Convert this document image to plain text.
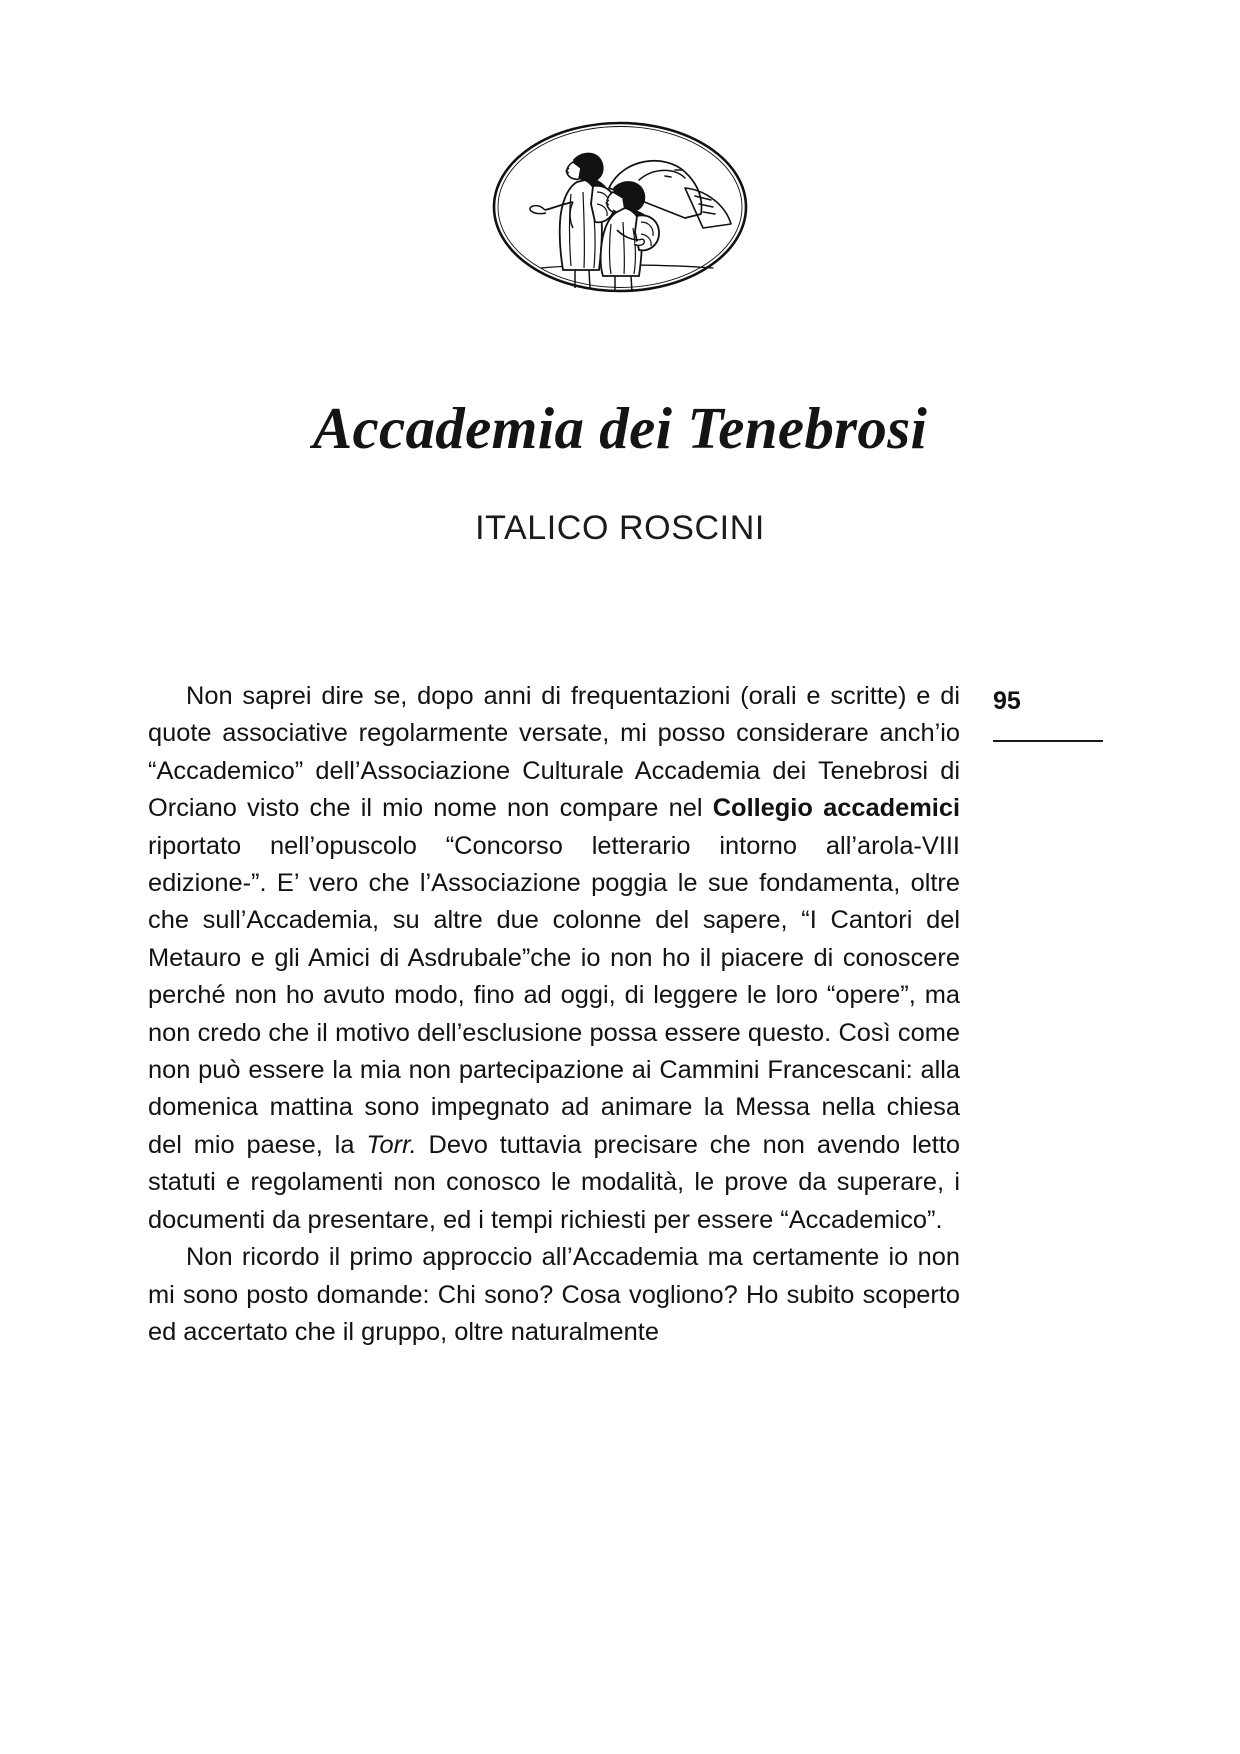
Accademia dei Tenebrosi
ITALICO ROSCINI
95

Non saprei dire se, dopo anni di frequentazioni (orali e scritte) e di quote associative regolarmente versate, mi posso considerare anch’io “Accademico” dell’Associazione Culturale Accademia dei Tenebrosi di Orciano visto che il mio nome non compare nel Collegio accademici riportato nell’opuscolo “Concorso letterario intorno all’arola-VIII edizione-”. E’ vero che l’Associazione poggia le sue fondamenta, oltre che sull’Accademia, su altre due colonne del sapere, “I Cantori del Metauro e gli Amici di Asdrubale”che io non ho il piacere di conoscere perché non ho avuto modo, fino ad oggi, di leggere le loro “opere”, ma non credo che il motivo dell’esclusione possa essere questo. Così come non può essere la mia non partecipazione ai Cammini Francescani: alla domenica mattina sono impegnato ad animare la Messa nella chiesa del mio paese, la Torr. Devo tuttavia precisare che non avendo letto statuti e regolamenti non conosco le modalità, le prove da superare, i documenti da presentare, ed i tempi richiesti per essere “Accademico”.

Non ricordo il primo approccio all’Accademia ma certamente io non mi sono posto domande: Chi sono? Cosa vogliono? Ho subito scoperto ed accertato che il gruppo, oltre naturalmente
